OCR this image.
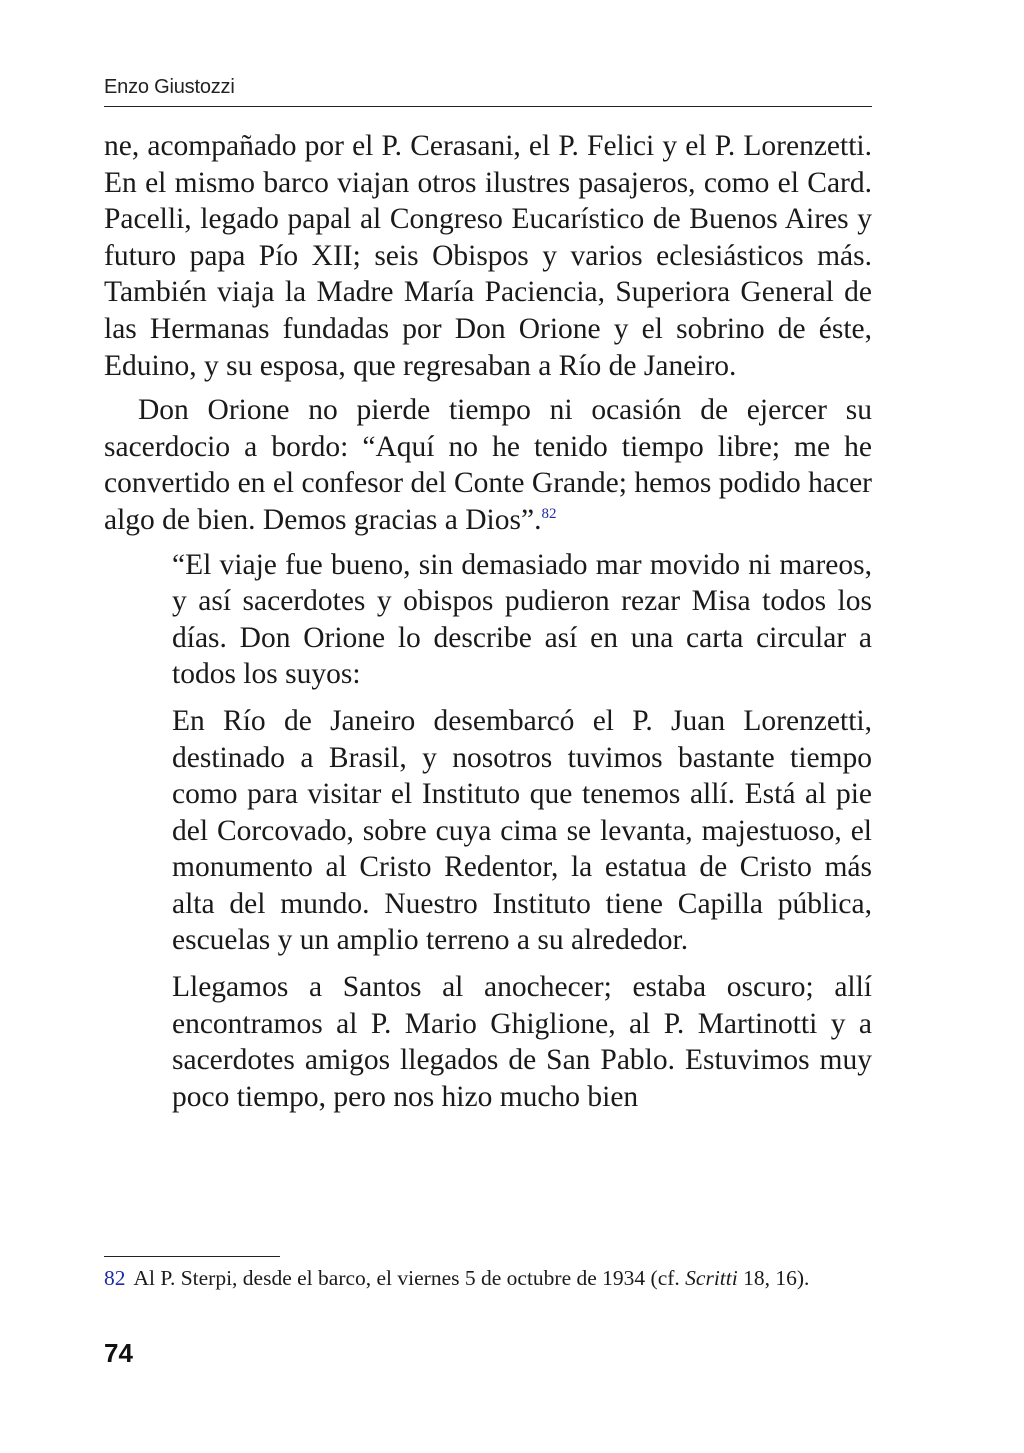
Enzo Giustozzi

ne, acompañado por el P. Cerasani, el P. Felici y el P. Lorenzetti. En el mismo barco viajan otros ilustres pasajeros, como el Card. Pacelli, legado papal al Congreso Eucarístico de Buenos Aires y futuro papa Pío XII; seis Obispos y varios eclesiásticos más. También viaja la Madre María Paciencia, Superiora General de las Hermanas fundadas por Don Orione y el sobrino de éste, Eduino, y su esposa, que regresaban a Río de Janeiro.

Don Orione no pierde tiempo ni ocasión de ejercer su sacerdocio a bordo: “Aquí no he tenido tiempo libre; me he convertido en el confesor del Conte Grande; hemos podido hacer algo de bien. Demos gracias a Dios”.$^{82}$

“El viaje fue bueno, sin demasiado mar movido ni mareos, y así sacerdotes y obispos pudieron rezar Misa todos los días. Don Orione lo describe así en una carta circular a todos los suyos:

En Río de Janeiro desembarcó el P. Juan Lorenzetti, destinado a Brasil, y nosotros tuvimos bastante tiempo como para visitar el Instituto que tenemos allí. Está al pie del Corcovado, sobre cuya cima se levanta, majestuoso, el monumento al Cristo Redentor, la estatua de Cristo más alta del mundo. Nuestro Instituto tiene Capilla pública, escuelas y un amplio terreno a su alrededor.

Llegamos a Santos al anochecer; estaba oscuro; allí encontramos al P. Mario Ghiglione, al P. Martinotti y a sacerdotes amigos llegados de San Pablo. Estuvimos muy poco tiempo, pero nos hizo mucho bien

82 Al P. Sterpi, desde el barco, el viernes 5 de octubre de 1934 (cf. Scritti 18, 16).
74
